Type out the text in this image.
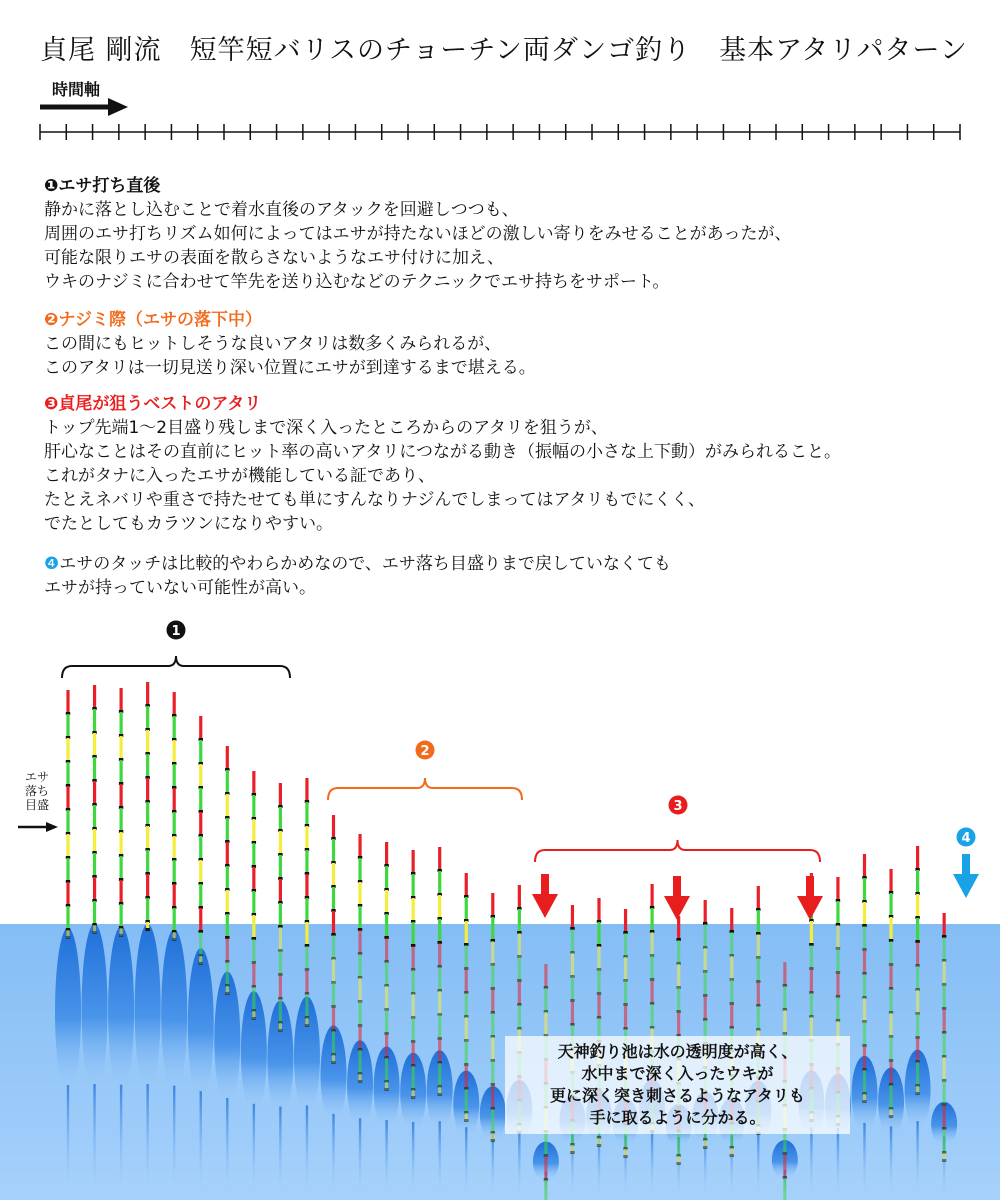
貞尾 剛流　短竿短バリスのチョーチン両ダンゴ釣り　基本アタリパターン
時間軸
❶エサ打ち直後
静かに落とし込むことで着水直後のアタックを回避しつつも、
周囲のエサ打ちリズム如何によってはエサが持たないほどの激しい寄りをみせることがあったが、
可能な限りエサの表面を散らさないようなエサ付けに加え、
ウキのナジミに合わせて竿先を送り込むなどのテクニックでエサ持ちをサポート。
❷ナジミ際（エサの落下中）
この間にもヒットしそうな良いアタリは数多くみられるが、
このアタリは一切見送り深い位置にエサが到達するまで堪える。
❸貞尾が狙うベストのアタリ
トップ先端1～2目盛り残しまで深く入ったところからのアタリを狙うが、
肝心なことはその直前にヒット率の高いアタリにつながる動き（振幅の小さな上下動）がみられること。
これがタナに入ったエサが機能している証であり、
たとえネバリや重さで持たせても単にすんなりナジんでしまってはアタリもでにくく、
でたとしてもカラツンになりやすい。
❹エサのタッチは比較的やわらかめなので、エサ落ち目盛りまで戻していなくても
エサが持っていない可能性が高い。
1
2
3
4
エサ
落ち
目盛
天神釣り池は水の透明度が高く、
水中まで深く入ったウキが
更に深く突き刺さるようなアタリも
手に取るように分かる。
